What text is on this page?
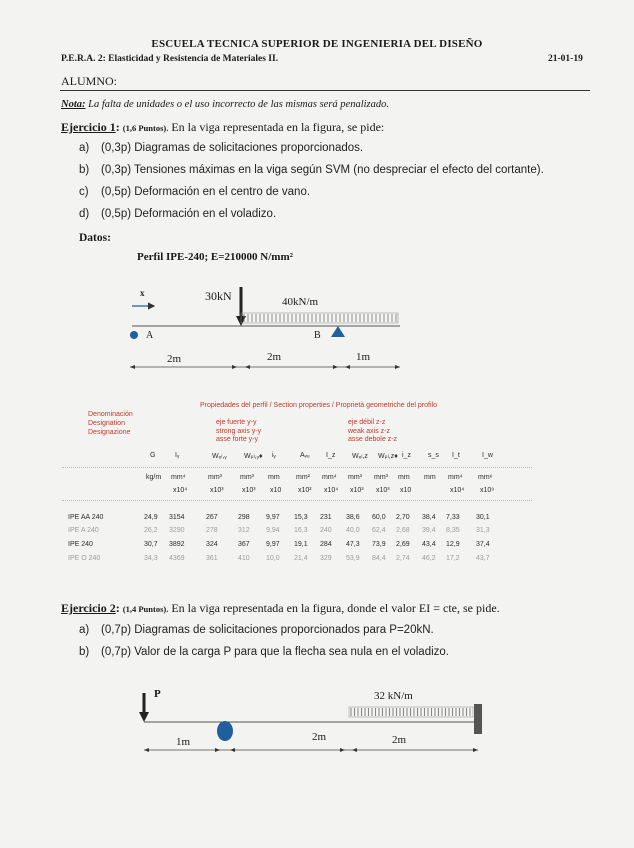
ESCUELA TECNICA SUPERIOR DE INGENIERIA DEL DISEÑO
P.E.R.A. 2: Elasticidad y Resistencia de Materiales II.	21-01-19
ALUMNO:
Nota: La falta de unidades o el uso incorrecto de las mismas será penalizado.
Ejercicio 1: (1,6 Puntos). En la viga representada en la figura, se pide:
a) (0,3p) Diagramas de solicitaciones proporcionados.
b) (0,3p) Tensiones máximas en la viga según SVM (no despreciar el efecto del cortante).
c) (0,5p) Deformación en el centro de vano.
d) (0,5p) Deformación en el voladizo.
Datos:
Perfil IPE-240; E=210000 N/mm²
x	30kN	40kN/m
A	B
2m	2m	1m
Propiedades del perfil / Section properties / Proprietà geometriche del profilo
Denominación
Designation
Designazione
eje fuerte y-y
strong axis y-y
asse forte y-y
eje débil z-z
weak axis z-z
asse debole z-z
G	Iᵧ	Wₑₗ,ᵧ Wₚₗ,ᵧ♦ iᵧ	Aᵥᵤ I_z Wₑₗ,z Wₚₗ,z♦ i_z s_s I_t	I_w
kg/m mm⁴	mm³	mm³ mm mm² mm⁴ mm³ mm³ mm mm mm⁴ mm⁶
x10⁴	x10³	x10³ x10 x10² x10⁴ x10³ x10³ x10	x10⁴ x10⁹
IPE AA 240	24,9 3154	267	298 9,97 15,3 231 38,6 60,0 2,70 38,4 7,33 30,1
IPE A 240	26,2 3290	278	312 9,94 16,3 240 40,0 62,4 2,68 39,4 8,35 31,3
IPE 240	30,7 3892	324	367 9,97 19,1 284 47,3 73,9 2,69 43,4 12,9 37,4
IPE O 240	34,3 4369	361	410 10,0 21,4 329 53,9 84,4 2,74 46,2 17,2 43,7
Ejercicio 2: (1,4 Puntos). En la viga representada en la figura, donde el valor EI = cte, se pide.
a) (0,7p) Diagramas de solicitaciones proporcionados para P=20kN.
b) (0,7p) Valor de la carga P para que la flecha sea nula en el voladizo.
P	32 kN/m
1m	2m	2m
